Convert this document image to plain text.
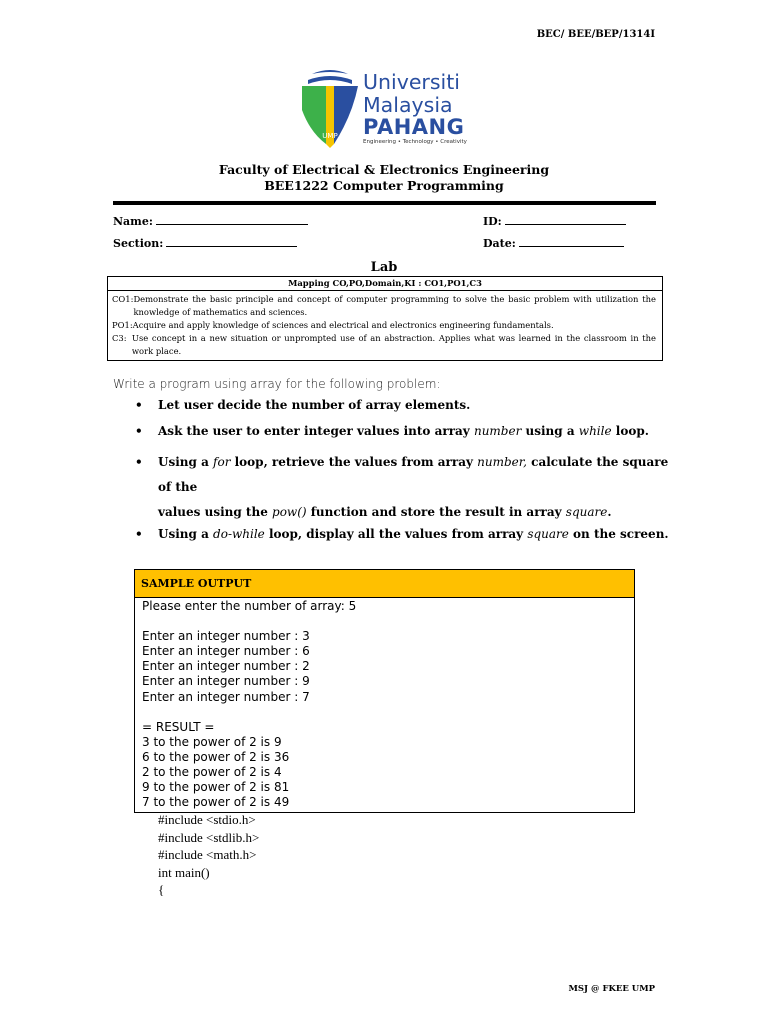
BEC/ BEE/BEP/1314I
UMP
Universiti
Malaysia
PAHANG
Engineering • Technology • Creativity
Faculty of Electrical & Electronics Engineering
BEE1222 Computer Programming
Name:	ID:
Section:	Date:
Lab
Mapping CO,PO,Domain,KI : CO1,PO1,C3
CO1: Demonstrate the basic principle and concept of computer programming to solve the basic problem with utilization the knowledge of mathematics and sciences.
PO1: Acquire and apply knowledge of sciences and electrical and electronics engineering fundamentals.
C3: Use concept in a new situation or unprompted use of an abstraction. Applies what was learned in the classroom in the work place.
Write a program using array for the following problem:
• Let user decide the number of array elements.
• Ask the user to enter integer values into array number using a while loop.
• Using a for loop, retrieve the values from array number, calculate the square of the
values using the pow() function and store the result in array square.
• Using a do-while loop, display all the values from array square on the screen.
SAMPLE OUTPUT
Please enter the number of array: 5
Enter an integer number : 3
Enter an integer number : 6
Enter an integer number : 2
Enter an integer number : 9
Enter an integer number : 7
= RESULT =
3 to the power of 2 is 9
6 to the power of 2 is 36
2 to the power of 2 is 4
9 to the power of 2 is 81
7 to the power of 2 is 49
#include <stdio.h>
#include <stdlib.h>
#include <math.h>
int main()
{
MSJ @ FKEE UMP
